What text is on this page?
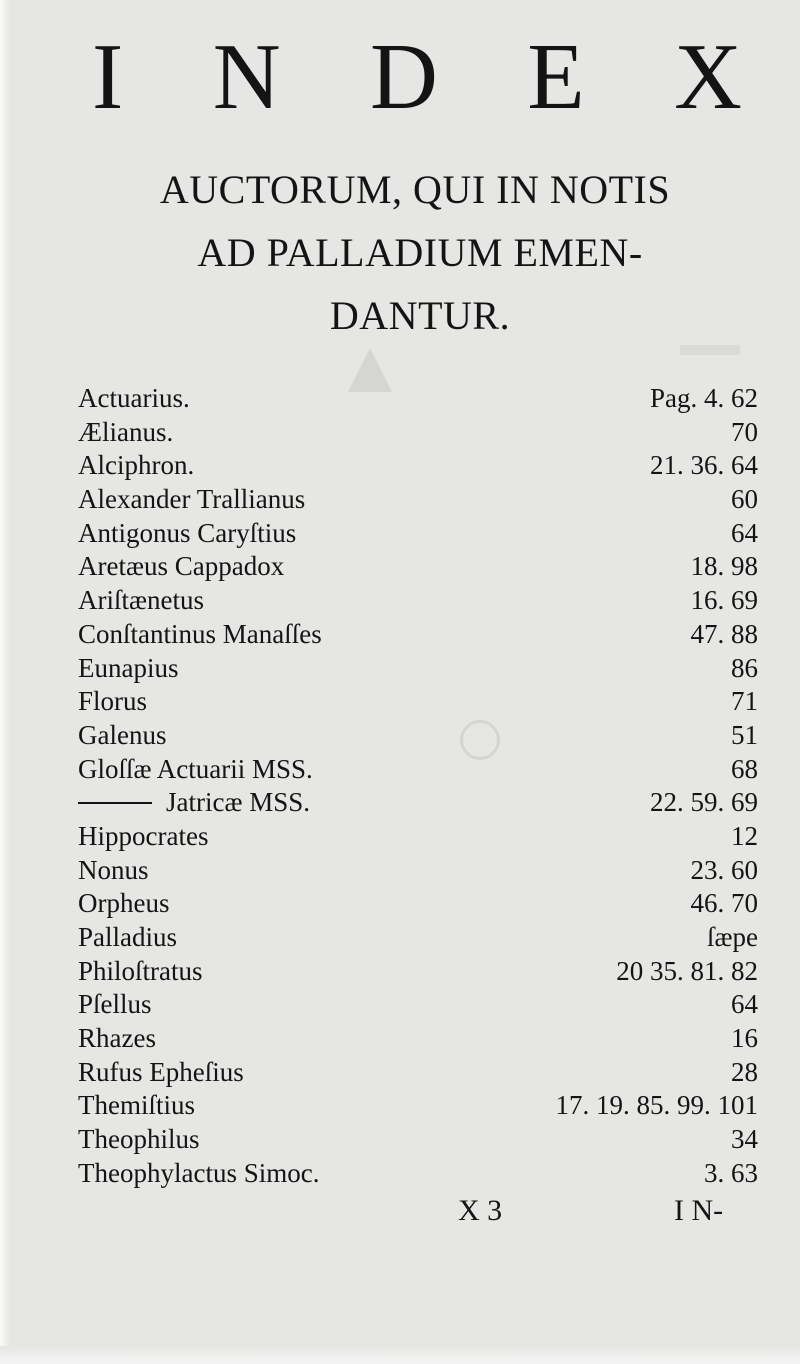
I N D E X
AUCTORUM, QUI IN NOTIS
AD PALLADIUM EMEN-
DANTUR.
Actuarius.	Pag. 4. 62
Ælianus.	70
Alciphron.	21. 36. 64
Alexander Trallianus	60
Antigonus Caryſtius	64
Aretæus Cappadox	18. 98
Ariſtænetus	16. 69
Conſtantinus Manaſſes	47. 88
Eunapius	86
Florus	71
Galenus	51
Gloſſæ Actuarii MSS.	68
Jatricæ MSS.	22. 59. 69
Hippocrates	12
Nonus	23. 60
Orpheus	46. 70
Palladius	ſæpe
Philoſtratus	20 35. 81. 82
Pſellus	64
Rhazes	16
Rufus Epheſius	28
Themiſtius	17. 19. 85. 99. 101
Theophilus	34
Theophylactus Simoc.	3. 63
X 3	I N-
